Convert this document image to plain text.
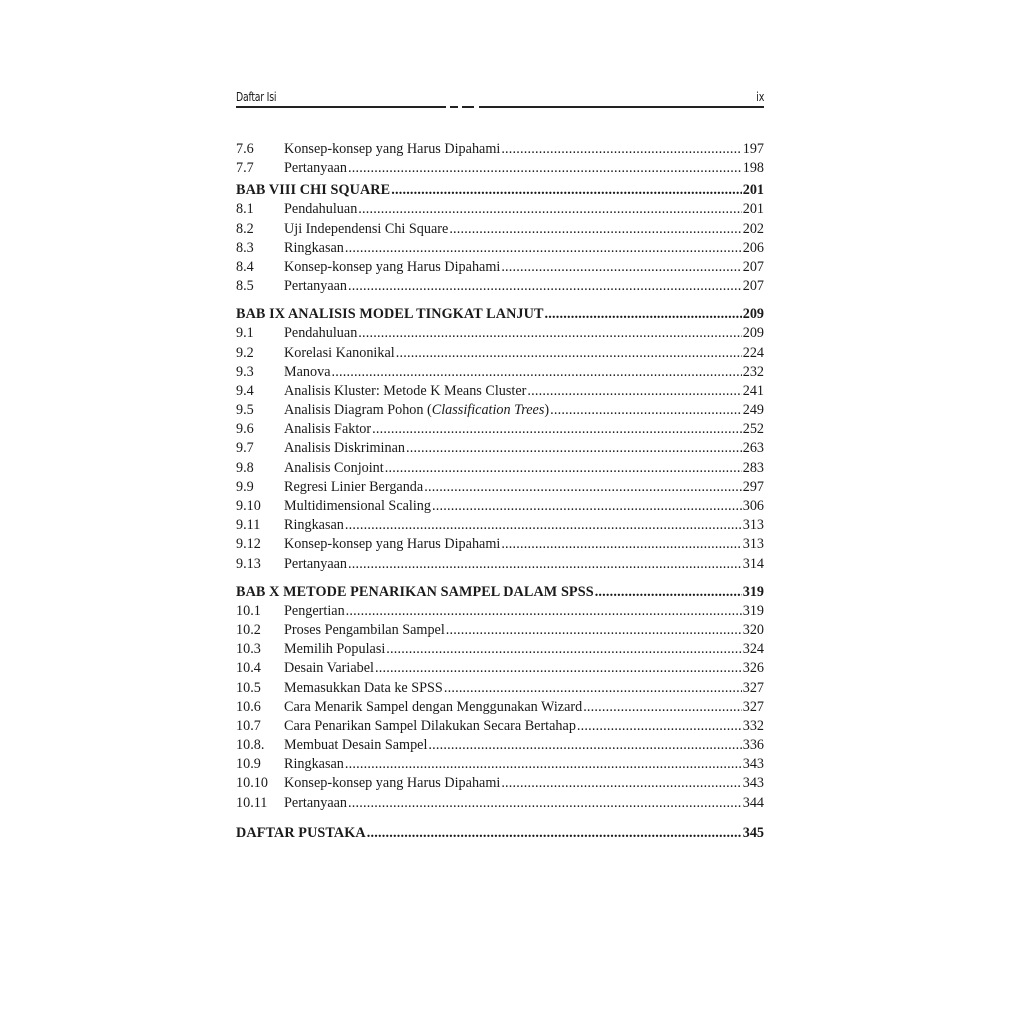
Daftar Isi	ix
7.6	Konsep-konsep yang Harus Dipahami .....	197
7.7	Pertanyaan .....	198
BAB VIII CHI SQUARE .....	201
8.1	Pendahuluan .....	201
8.2	Uji Independensi Chi Square .....	202
8.3	Ringkasan .....	206
8.4	Konsep-konsep yang Harus Dipahami .....	207
8.5	Pertanyaan .....	207
BAB IX ANALISIS MODEL TINGKAT LANJUT .....	209
9.1	Pendahuluan .....	209
9.2	Korelasi Kanonikal .....	224
9.3	Manova .....	232
9.4	Analisis Kluster: Metode K Means Cluster .....	241
9.5	Analisis Diagram Pohon (Classification Trees) .....	249
9.6	Analisis Faktor .....	252
9.7	Analisis Diskriminan .....	263
9.8	Analisis Conjoint .....	283
9.9	Regresi Linier Berganda .....	297
9.10	Multidimensional Scaling .....	306
9.11	Ringkasan .....	313
9.12	Konsep-konsep yang Harus Dipahami .....	313
9.13	Pertanyaan .....	314
BAB X METODE PENARIKAN SAMPEL DALAM SPSS .....	319
10.1	Pengertian .....	319
10.2	Proses Pengambilan Sampel .....	320
10.3	Memilih Populasi .....	324
10.4	Desain Variabel .....	326
10.5	Memasukkan Data ke SPSS .....	327
10.6	Cara Menarik Sampel dengan Menggunakan Wizard .....	327
10.7	Cara Penarikan Sampel Dilakukan Secara Bertahap .....	332
10.8.	Membuat Desain Sampel .....	336
10.9	Ringkasan .....	343
10.10	Konsep-konsep yang Harus Dipahami .....	343
10.11	Pertanyaan .....	344
DAFTAR PUSTAKA .....	345
